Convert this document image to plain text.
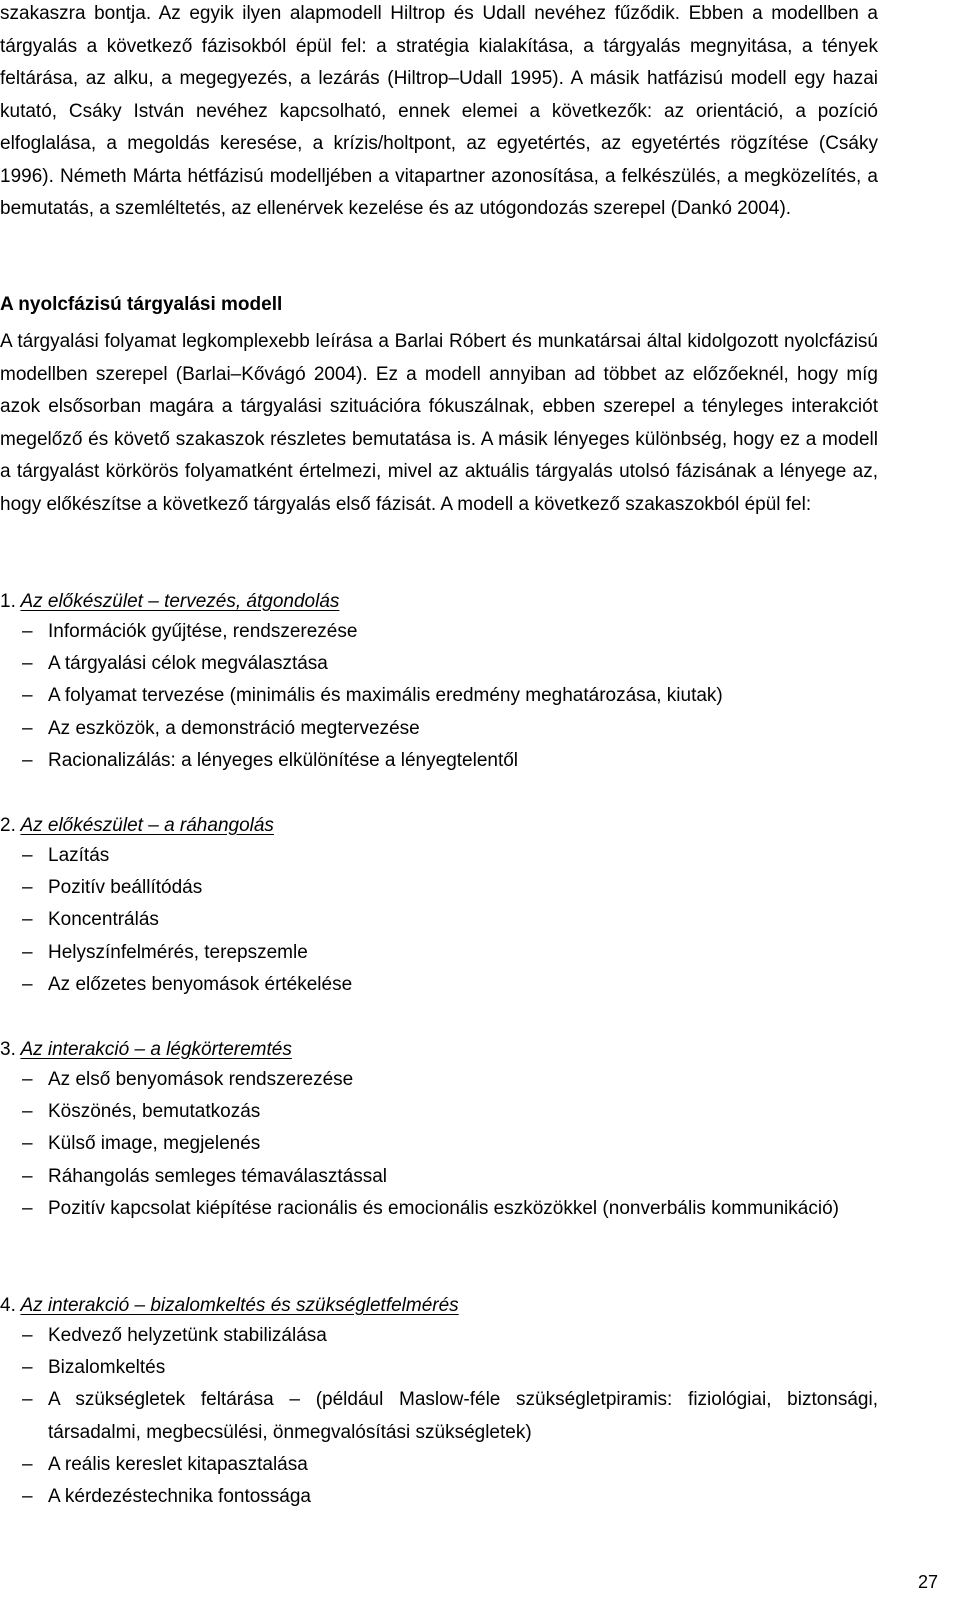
szakaszra bontja. Az egyik ilyen alapmodell Hiltrop és Udall nevéhez fűződik. Ebben a modellben a tárgyalás a következő fázisokból épül fel: a stratégia kialakítása, a tárgyalás megnyitása, a tények feltárása, az alku, a megegyezés, a lezárás (Hiltrop–Udall 1995). A másik hatfázisú modell egy hazai kutató, Csáky István nevéhez kapcsolható, ennek elemei a következők: az orientáció, a pozíció elfoglalása, a megoldás keresése, a krízis/holtpont, az egyetértés, az egyetértés rögzítése (Csáky 1996). Németh Márta hétfázisú modelljében a vitapartner azonosítása, a felkészülés, a megközelítés, a bemutatás, a szemléltetés, az ellenérvek kezelése és az utógondozás szerepel (Dankó 2004).
A nyolcfázisú tárgyalási modell
A tárgyalási folyamat legkomplexebb leírása a Barlai Róbert és munkatársai által kidolgozott nyolcfázisú modellben szerepel (Barlai–Kővágó 2004). Ez a modell annyiban ad többet az előzőeknél, hogy míg azok elsősorban magára a tárgyalási szituációra fókuszálnak, ebben szerepel a tényleges interakciót megelőző és követő szakaszok részletes bemutatása is. A másik lényeges különbség, hogy ez a modell a tárgyalást körkörös folyamatként értelmezi, mivel az aktuális tárgyalás utolsó fázisának a lényege az, hogy előkészítse a következő tárgyalás első fázisát. A modell a következő szakaszokból épül fel:
1. Az előkészület – tervezés, átgondolás
– Információk gyűjtése, rendszerezése
– A tárgyalási célok megválasztása
– A folyamat tervezése (minimális és maximális eredmény meghatározása, kiutak)
– Az eszközök, a demonstráció megtervezése
– Racionalizálás: a lényeges elkülönítése a lényegtelentől
2. Az előkészület – a ráhangolás
– Lazítás
– Pozitív beállítódás
– Koncentrálás
– Helyszínfelmérés, terepszemle
– Az előzetes benyomások értékelése
3. Az interakció – a légkörteremtés
– Az első benyomások rendszerezése
– Köszönés, bemutatkozás
– Külső image, megjelenés
– Ráhangolás semleges témaválasztással
– Pozitív kapcsolat kiépítése racionális és emocionális eszközökkel (nonverbális kommunikáció)
4. Az interakció – bizalomkeltés és szükségletfelmérés
– Kedvező helyzetünk stabilizálása
– Bizalomkeltés
– A szükségletek feltárása – (például Maslow-féle szükségletpiramis: fiziológiai, biztonsági, társadalmi, megbecsülési, önmegvalósítási szükségletek)
– A reális kereslet kitapasztalása
– A kérdezéstechnika fontossága
27
